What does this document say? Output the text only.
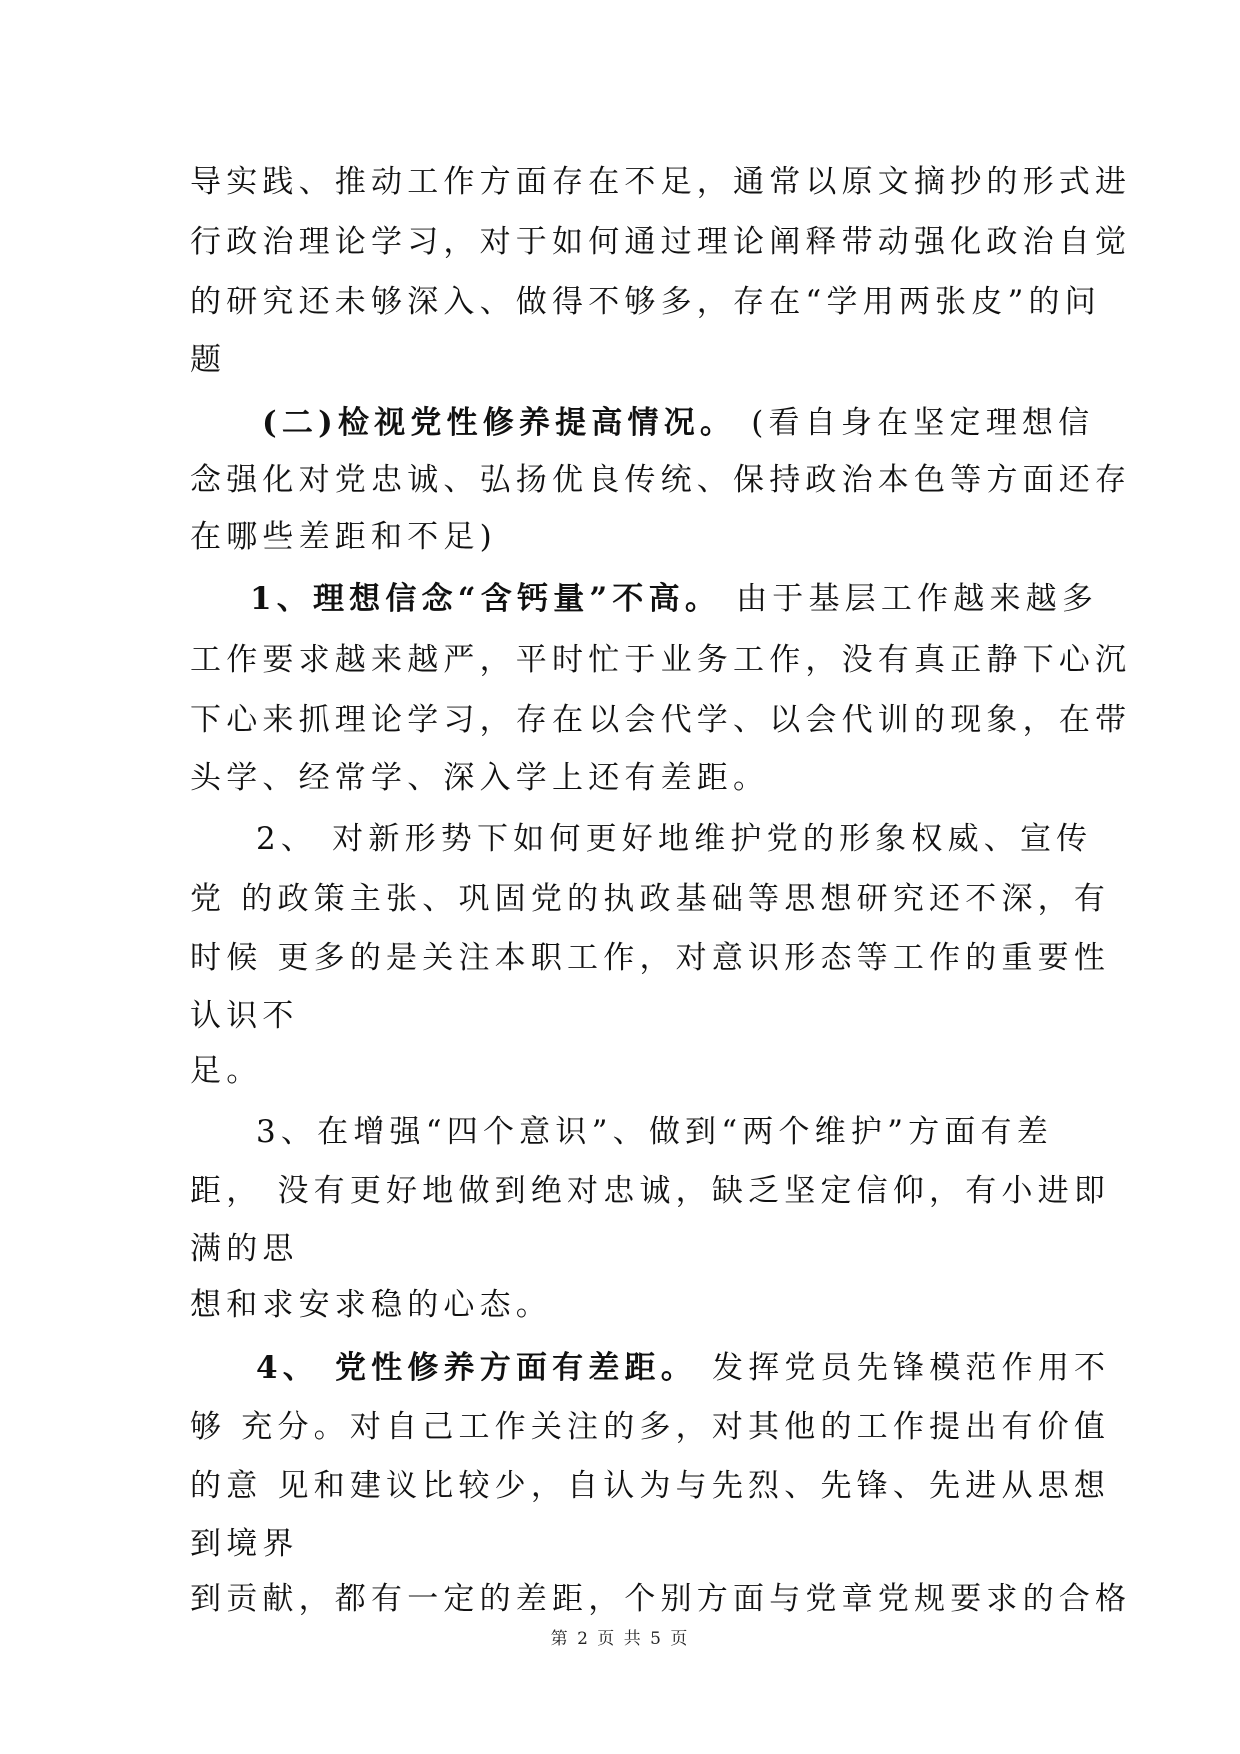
导实践、推动工作方面存在不足，通常以原文摘抄的形式进
行政治理论学习，对于如何通过理论阐释带动强化政治自觉
的研究还未够深入、做得不够多，存在“学用两张皮”的问
题
(二)检视党性修养提高情况。 (看自身在坚定理想信
念强化对党忠诚、弘扬优良传统、保持政治本色等方面还存
在哪些差距和不足)
1、理想信念“含钙量”不高。 由于基层工作越来越多
工作要求越来越严，平时忙于业务工作，没有真正静下心沉
下心来抓理论学习，存在以会代学、以会代训的现象，在带
头学、经常学、深入学上还有差距。
2、 对新形势下如何更好地维护党的形象权威、宣传
党 的政策主张、巩固党的执政基础等思想研究还不深，有
时候 更多的是关注本职工作，对意识形态等工作的重要性
认识不
足。
3、在增强“四个意识”、做到“两个维护”方面有差
距， 没有更好地做到绝对忠诚，缺乏坚定信仰，有小进即
满的思
想和求安求稳的心态。
4、 党性修养方面有差距。 发挥党员先锋模范作用不
够 充分。对自己工作关注的多，对其他的工作提出有价值
的意 见和建议比较少，自认为与先烈、先锋、先进从思想
到境界
到贡献，都有一定的差距，个别方面与党章党规要求的合格
第 2 页 共 5 页
